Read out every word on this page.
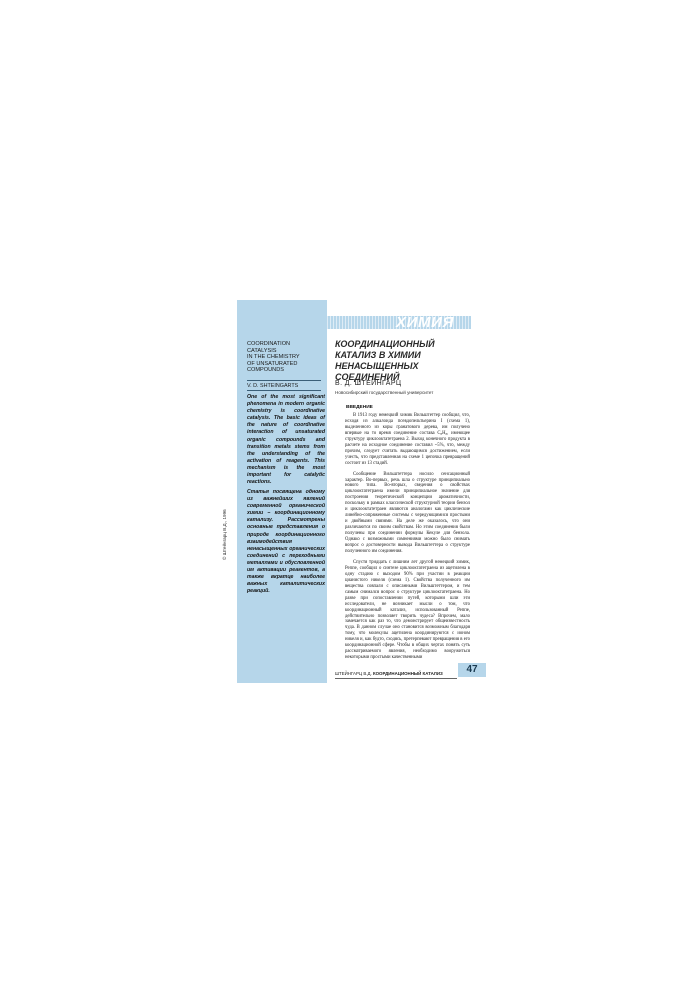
COORDINATION
CATALYSIS
IN THE CHEMISTRY
OF UNSATURATED
COMPOUNDS
V. D. SHTEINGARTS
One of the most significant phenomena in modern organic chemistry is coordinative catalysis. The basic ideas of the nature of coordinative interaction of unsaturated organic compounds and transition metals stems from the understanding of the activation of reagents. This mechanism is the most important for catalytic reactions.
Статья посвящена одному из важнейших явлений современной органической химии – координационному катализу. Рассмотрены основные представления о природе координационного взаимодействия ненасыщенных органических соединений с переходными металлами и обусловленной им активации реагентов, а также вкратце наиболее важных каталитических реакций.
© Штейнгарц В.Д., 1996
ХИМИЯ
КООРДИНАЦИОННЫЙ
КАТАЛИЗ В ХИМИИ
НЕНАСЫЩЕННЫХ СОЕДИНЕНИЙ
В. Д. ШТЕЙНГАРЦ
Новосибирский государственный университет
ВВЕДЕНИЕ

В 1913 году немецкий химик Вильштеттер сообщил, что, исходя из алкалоида псевдопельтьерина I (схема 1), выделенного из коры гранатового дерева, им получено впервые на то время соединение состава C₈H₈, имеющее структуру циклооктатетраена 2. Выход конечного продукта в расчете на исходное соединение составил ~5%, что, между прочим, следует считать выдающимся достижением, если учесть, что представленная на схеме 1 цепочка превращений состоит из 13 стадий.

Сообщение Вильштеттера носило сенсационный характер. Во-первых, речь шла о структуре принципиально нового типа. Во-вторых, сведения о свойствах циклооктатетраена имели принципиальное значение для построения теоретической концепции ароматичности, поскольку в рамках классической структурной теории бензол и циклооктатетраен являются аналогами как циклические линейно-сопряженные системы с чередующимися простыми и двойными связями. На деле же оказалось, что они различаются по своим свойствам. Но этим соединения были получены при соединении формулы Кекуле для бензола. Однако с возможными сомнениями можно было снимать вопрос о достоверности вывода Вильштеттера о структуре полученного им соединения.

Спустя тридцать с лишним лет другой немецкий химик, Реппе, сообщил о синтезе циклооктатетраена из ацетилена в одну стадию с выходом 90% при участии в реакции цианистого никеля (схема 1). Свойства полученного им вещества совпали с описанными Вильштеттером, и тем самым снимался вопрос о структуре циклооктатетраена. Но разве при сопоставлении путей, которыми шли эти исследователи, не возникает мысли о том, что координационный катализ, использованный Реппе, действительно позволяет творить чудеса? Впрочем, мало замечается как раз то, что демонстрирует общеизвестность чуда. В данном случае оно становится возможным благодаря тому, что молекулы ацетилена координируются с ионом никеля и, как будто, сходясь, претерпевают превращения в его координационной сфере. Чтобы в общих чертах понять суть рассматриваемого явления, необходимо вооружиться некоторыми простыми качественными

ШТЕЙНГАРЦ В.Д. КООРДИНАЦИОННЫЙ КАТАЛИЗ	47
